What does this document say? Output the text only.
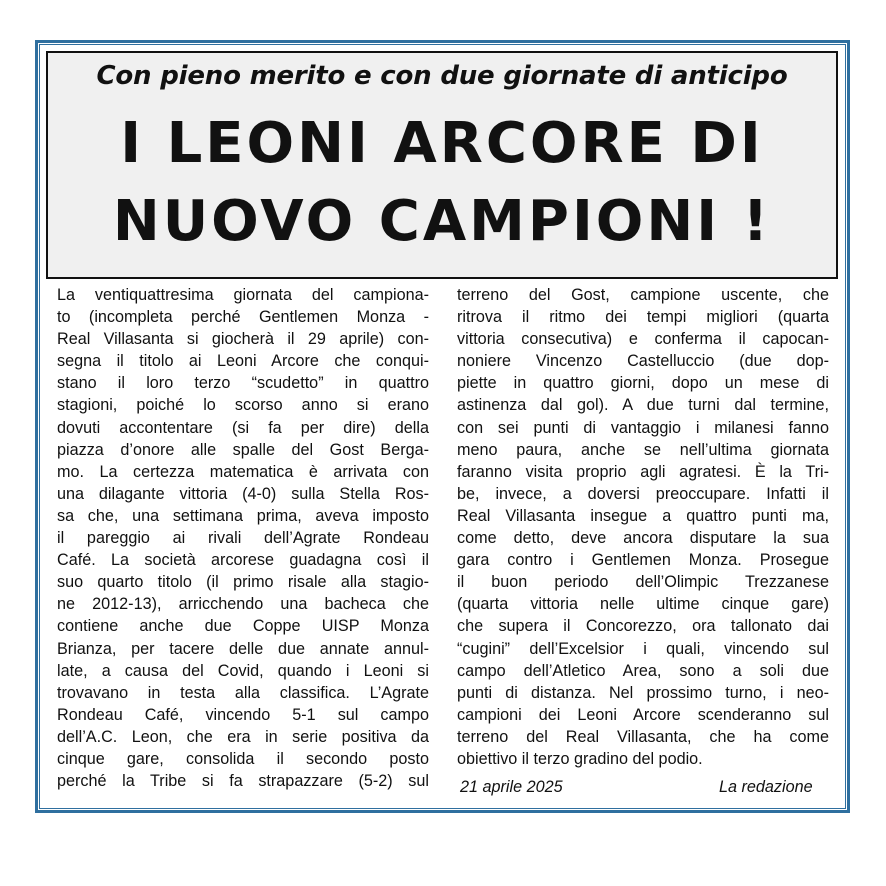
Con pieno merito e con due giornate di anticipo
I LEONI ARCORE DI
NUOVO CAMPIONI !
La ventiquattresima giornata del campiona-
to (incompleta perché Gentlemen Monza -
Real Villasanta si giocherà il 29 aprile) con-
segna il titolo ai Leoni Arcore che conqui-
stano il loro terzo “scudetto” in quattro
stagioni, poiché lo scorso anno si erano
dovuti accontentare (si fa per dire) della
piazza d’onore alle spalle del Gost Berga-
mo. La certezza matematica è arrivata con
una dilagante vittoria (4-0) sulla Stella Ros-
sa che, una settimana prima, aveva imposto
il pareggio ai rivali dell’Agrate Rondeau
Café. La società arcorese guadagna così il
suo quarto titolo (il primo risale alla stagio-
ne 2012-13), arricchendo una bacheca che
contiene anche due Coppe UISP Monza
Brianza, per tacere delle due annate annul-
late, a causa del Covid, quando i Leoni si
trovavano in testa alla classifica. L’Agrate
Rondeau Café, vincendo 5-1 sul campo
dell’A.C. Leon, che era in serie positiva da
cinque gare, consolida il secondo posto
perché la Tribe si fa strapazzare (5-2) sul
terreno del Gost, campione uscente, che
ritrova il ritmo dei tempi migliori (quarta
vittoria consecutiva) e conferma il capocan-
noniere Vincenzo Castelluccio (due dop-
piette in quattro giorni, dopo un mese di
astinenza dal gol). A due turni dal termine,
con sei punti di vantaggio i milanesi fanno
meno paura, anche se nell’ultima giornata
faranno visita proprio agli agratesi. È la Tri-
be, invece, a doversi preoccupare. Infatti il
Real Villasanta insegue a quattro punti ma,
come detto, deve ancora disputare la sua
gara contro i Gentlemen Monza. Prosegue
il buon periodo dell’Olimpic Trezzanese
(quarta vittoria nelle ultime cinque gare)
che supera il Concorezzo, ora tallonato dai
“cugini” dell’Excelsior i quali, vincendo sul
campo dell’Atletico Area, sono a soli due
punti di distanza. Nel prossimo turno, i neo-
campioni dei Leoni Arcore scenderanno sul
terreno del Real Villasanta, che ha come
obiettivo il terzo gradino del podio.
21 aprile 2025	La redazione
